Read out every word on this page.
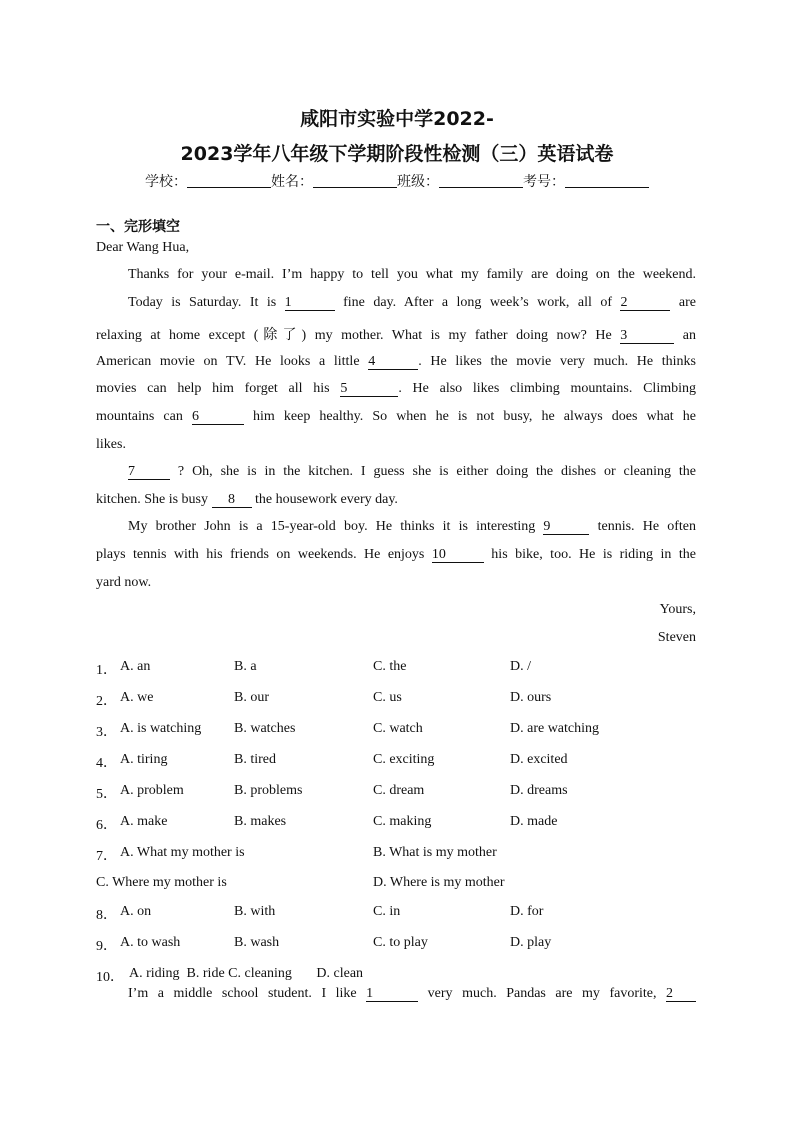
咸阳市实验中学2022-
2023学年八年级下学期阶段性检测（三）英语试卷
学校：	姓名：	班级：	考号：
一、完形填空
Dear Wang Hua,
Thanks for your e-mail. I’m happy to tell you what my family are doing on the weekend.
Today is Saturday. It is 1	fine day. After a long week’s work, all of 2	are
relaxing at home except (除了) my mother. What is my father doing now? He 3	an
American movie on TV. He looks a little 4	. He likes the movie very much. He thinks
movies can help him forget all his 5	. He also likes climbing mountains. Climbing
mountains can 6	him keep healthy. So when he is not busy, he always does what he
likes.
7	? Oh, she is in the kitchen. I guess she is either doing the dishes or cleaning the
kitchen. She is busy 8 the housework every day.
My brother John is a 15-year-old boy. He thinks it is interesting 9	tennis. He often
plays tennis with his friends on weekends. He enjoys 10	his bike, too. He is riding in the
yard now.
Yours,
Steven
1． A. an	B. a	C. the	D. /
2． A. we	B. our	C. us	D. ours
3． A. is watching B. watches	C. watch	D. are watching
4． A. tiring	B. tired	C. exciting	D. excited
5． A. problem	B. problems	C. dream	D. dreams
6． A. make	B. makes	C. making	D. made
7． A. What my mother is	B. What is my mother
C. Where my mother is	D. Where is my mother
8． A. on	B. with	C. in	D. for
9． A. to wash	B. wash	C. to play	D. play
10． A. riding  B. ride C. cleaning       D. clean
I’m a middle school student. I like 1	very much. Pandas are my favorite, 2
